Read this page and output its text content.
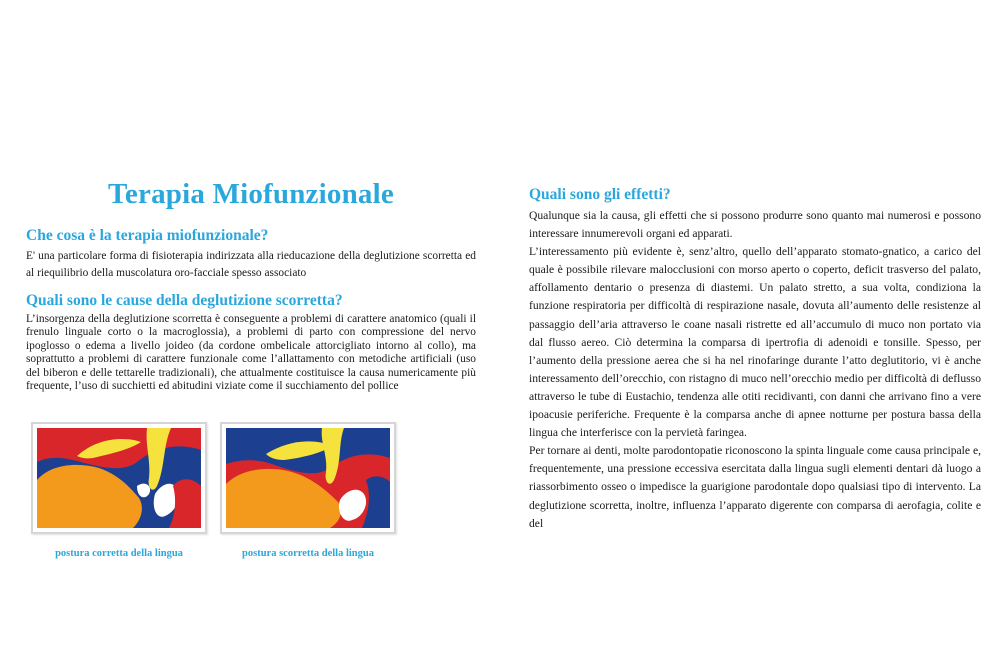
Terapia Miofunzionale
Che cosa è la terapia miofunzionale?

E' una particolare forma di fisioterapia indirizzata alla rieducazione della deglutizione scorretta ed al riequilibrio della muscolatura oro-facciale spesso associato

Quali sono le cause della deglutizione scorretta?

L’insorgenza della deglutizione scorretta è conseguente a problemi di carattere anatomico (quali il frenulo linguale corto o la macroglossia), a problemi di parto con compressione del nervo ipoglosso o edema a livello joideo (da cordone ombelicale attorcigliato intorno al collo), ma soprattutto a problemi di carattere funzionale come l’allattamento con metodiche artificiali (uso del biberon e delle tettarelle tradizionali), che attualmente costituisce la causa numericamente più frequente, l’uso di succhietti ed abitudini viziate come il succhiamento del pollice

postura corretta della lingua	postura scorretta della lingua
Quali sono gli effetti?

Qualunque sia la causa, gli effetti che si possono produrre sono quanto mai numerosi e possono interessare innumerevoli organi ed apparati.

L’interessamento più evidente è, senz’altro, quello dell’apparato stomato-gnatico, a carico del quale è possibile rilevare malocclusioni con morso aperto o coperto, deficit trasverso del palato, affollamento dentario o presenza di diastemi. Un palato stretto, a sua volta, condiziona la funzione respiratoria per difficoltà di respirazione nasale, dovuta all’aumento delle resistenze al passaggio dell’aria attraverso le coane nasali ristrette ed all’accumulo di muco non portato via dal flusso aereo. Ciò determina la comparsa di ipertrofia di adenoidi e tonsille. Spesso, per l’aumento della pressione aerea che si ha nel rinofaringe durante l’atto deglutitorio, vi è anche interessamento dell’orecchio, con ristagno di muco nell’orecchio medio per difficoltà di deflusso attraverso le tube di Eustachio, tendenza alle otiti recidivanti, con danni che arrivano fino a vere ipoacusie periferiche. Frequente è la comparsa anche di apnee notturne per postura bassa della lingua che interferisce con la pervietà faringea.

Per tornare ai denti, molte parodontopatie riconoscono la spinta linguale come causa principale e, frequentemente, una pressione eccessiva esercitata dalla lingua sugli elementi dentari dà luogo a riassorbimento osseo o impedisce la guarigione parodontale dopo qualsiasi tipo di intervento. La deglutizione scorretta, inoltre, influenza l’apparato digerente con comparsa di aerofagia, colite e del
